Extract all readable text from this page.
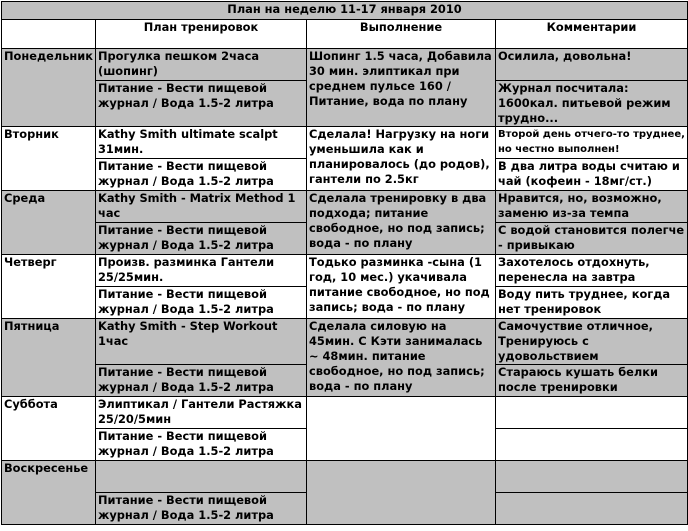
План на неделю 11-17 января 2010			
	План тренировок	Выполнение	Комментарии
Понедельник	Прогулка пешком 2часа (шопинг)	Шопинг 1.5 часа, Добавила 30 мин. элиптикал при среднем пульсе 160 / Питание, вода по плану	Осилила, довольна!
	Питание - Вести пищевой журнал / Вода 1.5-2 литра		Журнал посчитала: 1600кал. питьевой режим трудно...
Вторник	Kathy Smith ultimate scalpt 31мин.	Сделала! Нагрузку на ноги уменьшила как и планировалось (до родов), гантели по 2.5кг	Второй день отчего-то труднее, но честно выполнен!
	Питание - Вести пищевой журнал / Вода 1.5-2 литра		В два литра воды считаю и чай (кофеин - 18мг/ст.)
Среда	Kathy Smith - Matrix Method 1 час	Сделала тренировку в два подхода; питание свободное, но под запись; вода - по плану	Нравится, но, возможно, заменю из-за темпа
	Питание - Вести пищевой журнал / Вода 1.5-2 литра		С водой становится полегче - привыкаю
Четверг	Произв. разминка Гантели 25/25мин.	Тодько разминка -сына (1 год, 10 мес.) укачивала питание свободное, но под запись; вода - по плану	Захотелось отдохнуть, перенесла на завтра
	Питание - Вести пищевой журнал / Вода 1.5-2 литра		Воду пить труднее, когда нет тренировок
Пятница	Kathy Smith - Step Workout 1час	Сделала силовую на 45мин. С Кэти занималась ~ 48мин. питание свободное, но под запись; вода - по плану	Самочуствие отличное, Тренируюсь с удовольствием
	Питание - Вести пищевой журнал / Вода 1.5-2 литра		Стараюсь кушать белки после тренировки
Суббота	Элиптикал / Гантели Растяжка 25/20/5мин		
	Питание - Вести пищевой журнал / Вода 1.5-2 литра		
Воскресенье			
	Питание - Вести пищевой журнал / Вода 1.5-2 литра		
